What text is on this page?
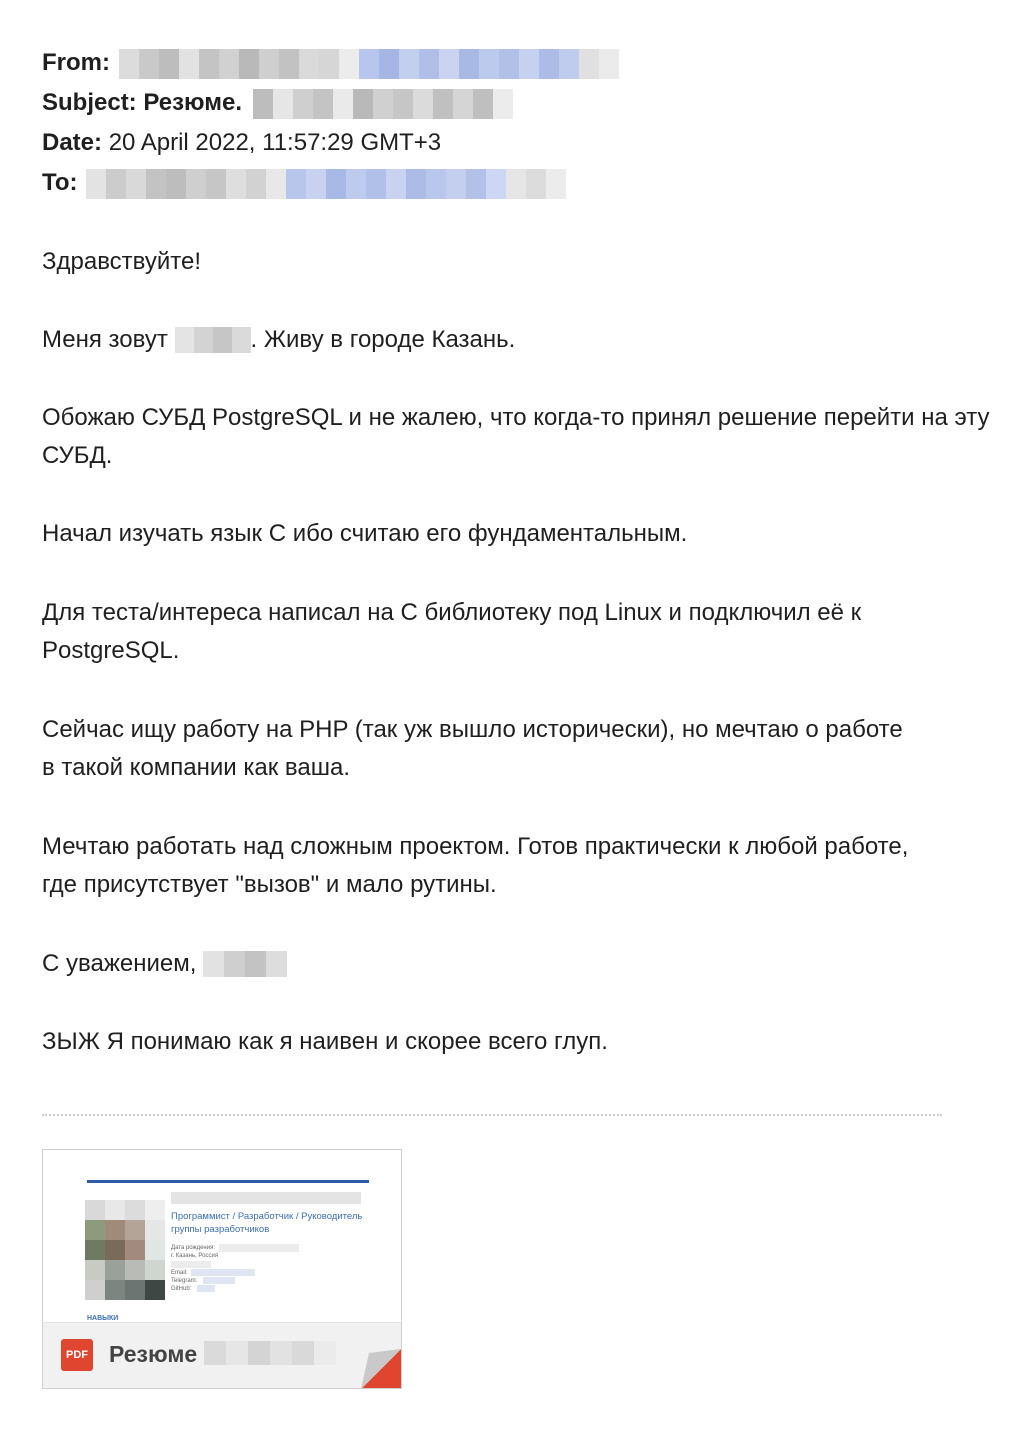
From:
Subject: Резюме.
Date: 20 April 2022, 11:57:29 GMT+3
To:
Здравствуйте!
Меня зовут	. Живу в городе Казань.
Обожаю СУБД PostgreSQL и не жалею, что когда-то принял решение перейти на эту СУБД.
Начал изучать язык C ибо считаю его фундаментальным.
Для теста/интереса написал на C библиотеку под Linux и подключил её к PostgreSQL.
Сейчас ищу работу на PHP (так уж вышло исторически), но мечтаю о работе в такой компании как ваша.
Мечтаю работать над сложным проектом. Готов практически к любой работе, где присутствует "вызов" и мало рутины.
С уважением,
ЗЫЖ Я понимаю как я наивен и скорее всего глуп.
Программист / Разработчик / Руководитель группы разработчиков
Дата рождения:
г. Казань, Россия
Email:
Telegram:
GitHub:
НАВЫКИ
PDF Резюме
